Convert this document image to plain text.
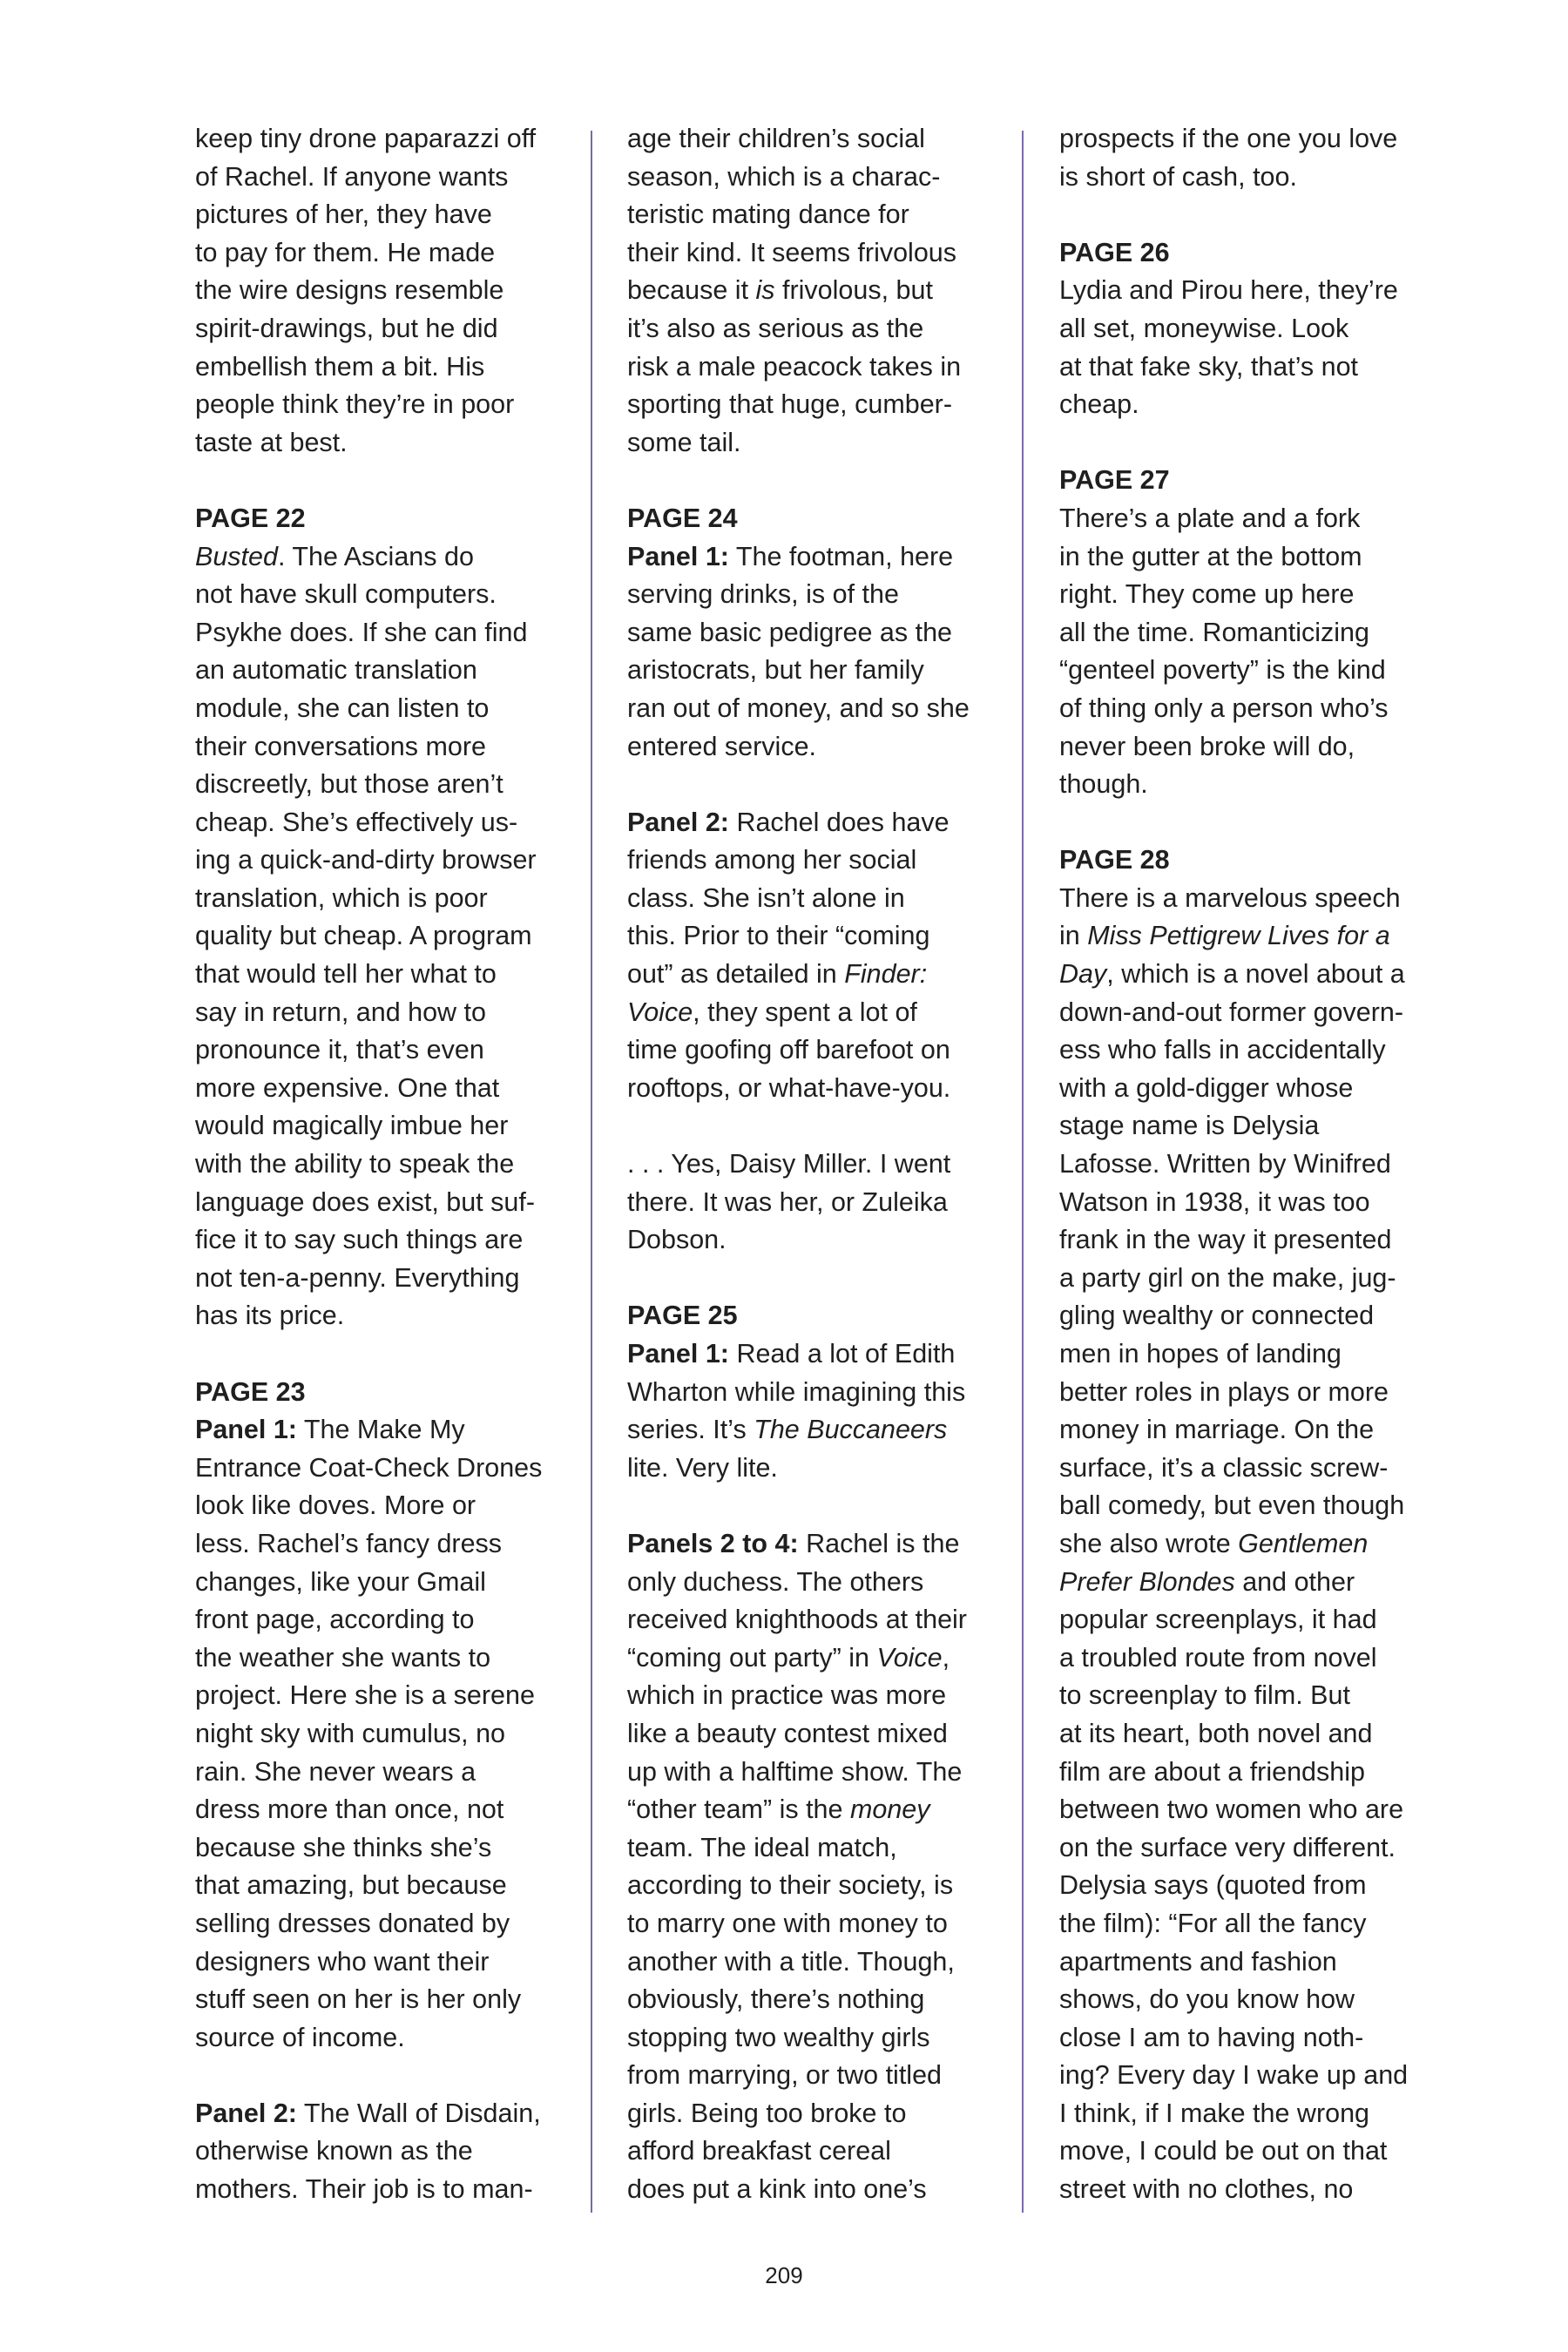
keep tiny drone paparazzi off
of Rachel. If anyone wants
pictures of her, they have
to pay for them. He made
the wire designs resemble
spirit-drawings, but he did
embellish them a bit. His
people think they’re in poor
taste at best.
PAGE 22
Busted. The Ascians do
not have skull computers.
Psykhe does. If she can find
an automatic translation
module, she can listen to
their conversations more
discreetly, but those aren’t
cheap. She’s effectively us-
ing a quick-and-dirty browser
translation, which is poor
quality but cheap. A program
that would tell her what to
say in return, and how to
pronounce it, that’s even
more expensive. One that
would magically imbue her
with the ability to speak the
language does exist, but suf-
fice it to say such things are
not ten-a-penny. Everything
has its price.
PAGE 23
Panel 1: The Make My
Entrance Coat-Check Drones
look like doves. More or
less. Rachel’s fancy dress
changes, like your Gmail
front page, according to
the weather she wants to
project. Here she is a serene
night sky with cumulus, no
rain. She never wears a
dress more than once, not
because she thinks she’s
that amazing, but because
selling dresses donated by
designers who want their
stuff seen on her is her only
source of income.
Panel 2: The Wall of Disdain,
otherwise known as the
mothers. Their job is to man-
age their children’s social
season, which is a charac-
teristic mating dance for
their kind. It seems frivolous
because it is frivolous, but
it’s also as serious as the
risk a male peacock takes in
sporting that huge, cumber-
some tail.
PAGE 24
Panel 1: The footman, here
serving drinks, is of the
same basic pedigree as the
aristocrats, but her family
ran out of money, and so she
entered service.
Panel 2: Rachel does have
friends among her social
class. She isn’t alone in
this. Prior to their “coming
out” as detailed in Finder:
Voice, they spent a lot of
time goofing off barefoot on
rooftops, or what-have-you.
. . . Yes, Daisy Miller. I went
there. It was her, or Zuleika
Dobson.
PAGE 25
Panel 1: Read a lot of Edith
Wharton while imagining this
series. It’s The Buccaneers
lite. Very lite.
Panels 2 to 4: Rachel is the
only duchess. The others
received knighthoods at their
“coming out party” in Voice,
which in practice was more
like a beauty contest mixed
up with a halftime show. The
“other team” is the money
team. The ideal match,
according to their society, is
to marry one with money to
another with a title. Though,
obviously, there’s nothing
stopping two wealthy girls
from marrying, or two titled
girls. Being too broke to
afford breakfast cereal
does put a kink into one’s
prospects if the one you love
is short of cash, too.
PAGE 26
Lydia and Pirou here, they’re
all set, moneywise. Look
at that fake sky, that’s not
cheap.
PAGE 27
There’s a plate and a fork
in the gutter at the bottom
right. They come up here
all the time. Romanticizing
“genteel poverty” is the kind
of thing only a person who’s
never been broke will do,
though.
PAGE 28
There is a marvelous speech
in Miss Pettigrew Lives for a
Day, which is a novel about a
down-and-out former govern-
ess who falls in accidentally
with a gold-digger whose
stage name is Delysia
Lafosse. Written by Winifred
Watson in 1938, it was too
frank in the way it presented
a party girl on the make, jug-
gling wealthy or connected
men in hopes of landing
better roles in plays or more
money in marriage. On the
surface, it’s a classic screw-
ball comedy, but even though
she also wrote Gentlemen
Prefer Blondes and other
popular screenplays, it had
a troubled route from novel
to screenplay to film. But
at its heart, both novel and
film are about a friendship
between two women who are
on the surface very different.
Delysia says (quoted from
the film): “For all the fancy
apartments and fashion
shows, do you know how
close I am to having noth-
ing? Every day I wake up and
I think, if I make the wrong
move, I could be out on that
street with no clothes, no
209
